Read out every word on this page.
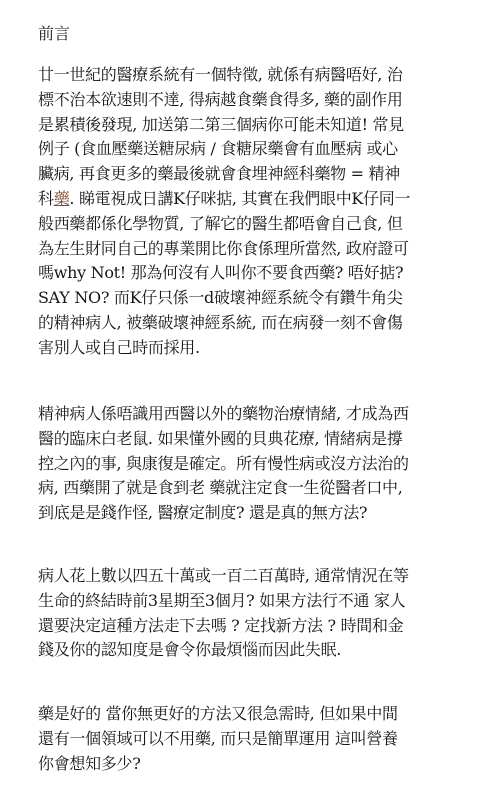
前言
廿一世紀的醫療系統有一個特徵, 就係有病醫唔好, 治
標不治本欲速則不達, 得病越食藥食得多, 藥的副作用
是累積後發現, 加送第二第三個病你可能未知道! 常見
例子 (食血壓藥送糖尿病 / 食糖尿藥會有血壓病 或心
臟病, 再食更多的藥最後就會食埋神經科藥物 = 精神
科藥. 睇電視成日講K仔咪掂, 其實在我們眼中K仔同一
般西藥都係化學物質, 了解它的醫生都唔會自己食, 但
為左生財同自己的專業開比你食係理所當然, 政府證可
嗎why Not! 那為何沒有人叫你不要食西藥? 唔好掂?
SAY NO? 而K仔只係一d破壞神經系統令有鑽牛角尖
的精神病人, 被藥破壞神經系統, 而在病發一刻不會傷
害別人或自己時而採用.
精神病人係唔識用西醫以外的藥物治療情緒, 才成為西
醫的臨床白老鼠. 如果懂外國的貝典花療, 情緒病是撐
控之內的事, 與康復是確定。所有慢性病或沒方法治的
病, 西藥開了就是食到老 藥就注定食一生從醫者口中,
到底是是錢作怪, 醫療定制度? 還是真的無方法?
病人花上數以四五十萬或一百二百萬時, 通常情況在等
生命的終結時前3星期至3個月? 如果方法行不通 家人
還要決定這種方法走下去嗎 ? 定找新方法 ? 時間和金
錢及你的認知度是會令你最煩惱而因此失眠.
藥是好的 當你無更好的方法又很急需時, 但如果中間
還有一個領域可以不用藥, 而只是簡單運用 這叫營養
你會想知多少?
